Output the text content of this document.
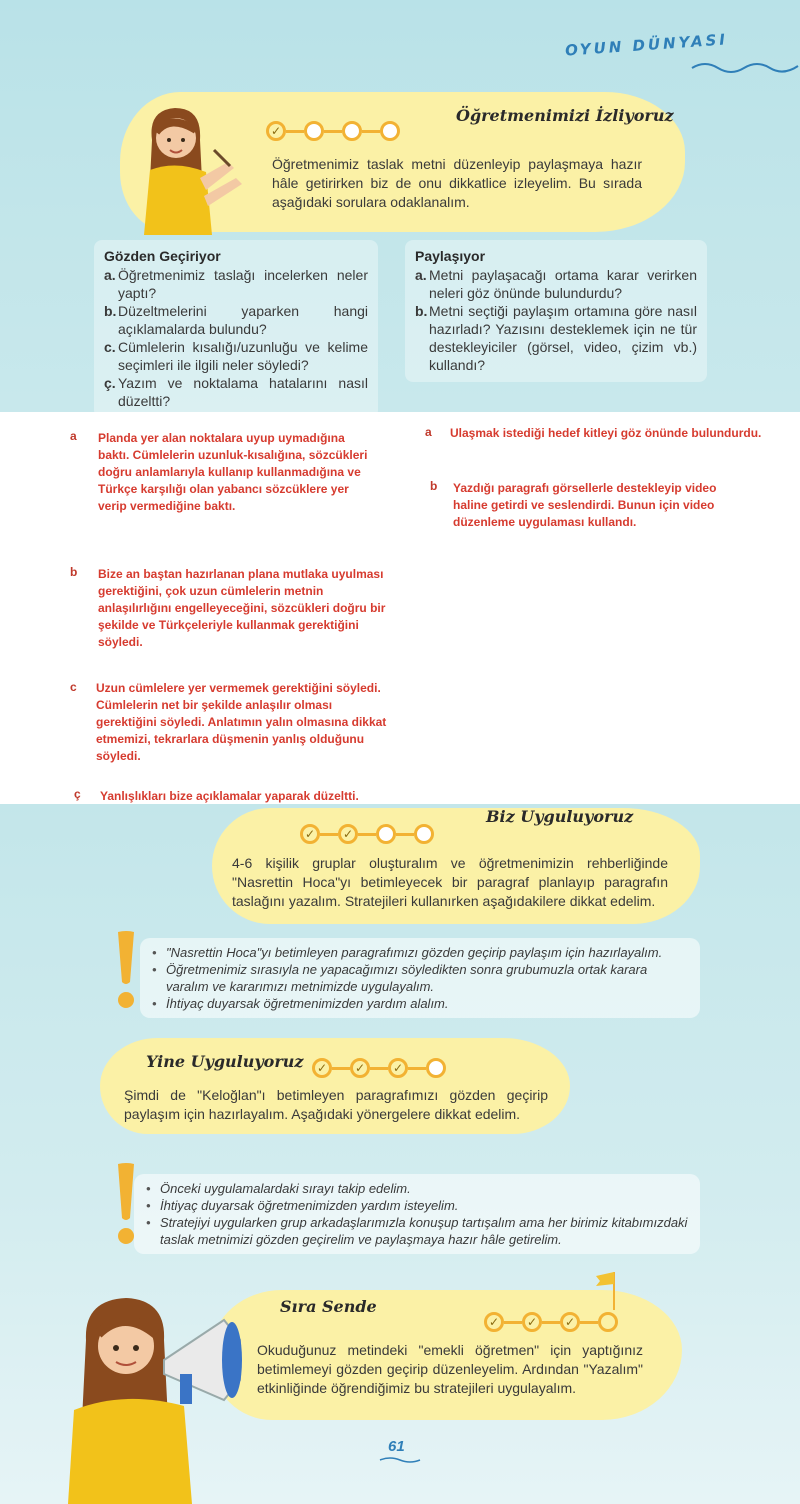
OYUN DÜNYASI
Öğretmenimizi İzliyoruz
✓
Öğretmenimiz taslak metni düzenleyip paylaşmaya hazır hâle getirirken biz de onu dikkatlice izleyelim. Bu sırada aşağıdaki sorulara odaklanalım.
Gözden Geçiriyor
a. Öğretmenimiz taslağı incelerken neler yaptı?
b. Düzeltmelerini yaparken hangi açıklamalarda bulundu?
c. Cümlelerin kısalığı/uzunluğu ve kelime seçimleri ile ilgili neler söyledi?
ç. Yazım ve noktalama hatalarını nasıl düzeltti?
Paylaşıyor
a. Metni paylaşacağı ortama karar verirken neleri göz önünde bulundurdu?
b. Metni seçtiği paylaşım ortamına göre nasıl hazırladı? Yazısını desteklemek için ne tür destekleyiciler (görsel, video, çizim vb.) kullandı?
a Planda yer alan noktalara uyup uymadığına baktı. Cümlelerin uzunluk-kısalığına, sözcükleri doğru anlamlarıyla kullanıp kullanmadığına ve Türkçe karşılığı olan yabancı sözcüklere yer verip vermediğine baktı.
b Bize an baştan hazırlanan plana mutlaka uyulması gerektiğini, çok uzun cümlelerin metnin anlaşılırlığını engelleyeceğini, sözcükleri doğru bir şekilde ve Türkçeleriyle kullanmak gerektiğini söyledi.
c Uzun cümlelere yer vermemek gerektiğini söyledi. Cümlelerin net bir şekilde anlaşılır olması gerektiğini söyledi. Anlatımın yalın olmasına dikkat etmemizi, tekrarlara düşmenin yanlış olduğunu söyledi.
ç Yanlışlıkları bize açıklamalar yaparak düzeltti.
a Ulaşmak istediği hedef kitleyi göz önünde bulundurdu.
b Yazdığı paragrafı görsellerle destekleyip video haline getirdi ve seslendirdi. Bunun için video düzenleme uygulaması kullandı.
Biz Uyguluyoruz
✓ ✓
4-6 kişilik gruplar oluşturalım ve öğretmenimizin rehberliğinde "Nasrettin Hoca"yı betimleyecek bir paragraf planlayıp paragrafın taslağını yazalım. Stratejileri kullanırken aşağıdakilere dikkat edelim.
• "Nasrettin Hoca"yı betimleyen paragrafımızı gözden geçirip paylaşım için hazırlayalım.
• Öğretmenimiz sırasıyla ne yapacağımızı söyledikten sonra grubumuzla ortak karara varalım ve kararımızı metnimizde uygulayalım.
• İhtiyaç duyarsak öğretmenimizden yardım alalım.
Yine Uyguluyoruz ✓ ✓ ✓
Şimdi de "Keloğlan"ı betimleyen paragrafımızı gözden geçirip paylaşım için hazırlayalım. Aşağıdaki yönergelere dikkat edelim.
• Önceki uygulamalardaki sırayı takip edelim.
• İhtiyaç duyarsak öğretmenimizden yardım isteyelim.
• Stratejiyi uygularken grup arkadaşlarımızla konuşup tartışalım ama her birimiz kitabımızdaki taslak metnimizi gözden geçirelim ve paylaşmaya hazır hâle getirelim.
Sıra Sende
✓ ✓ ✓
Okuduğunuz metindeki "emekli öğretmen" için yaptığınız betimlemeyi gözden geçirip düzenleyelim. Ardından "Yazalım" etkinliğinde öğrendiğimiz bu stratejileri uygulayalım.
61
